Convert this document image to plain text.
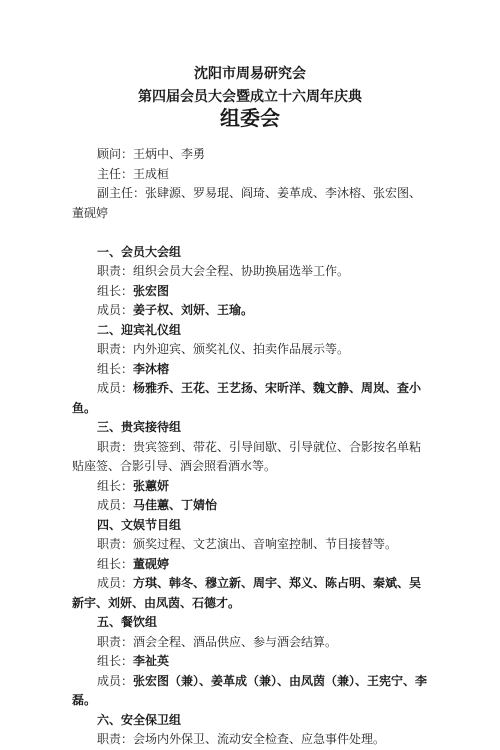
沈阳市周易研究会
第四届会员大会暨成立十六周年庆典
组委会

顾问：王炳中、李勇

主任：王成桓

副主任：张肆源、罗易琨、阎琦、姜革成、李沐榕、张宏图、董砚婷

一、会员大会组

职责：组织会员大会全程、协助换届选举工作。

组长：张宏图

成员：姜子权、刘妍、王瑜。

二、迎宾礼仪组

职责：内外迎宾、颁奖礼仪、拍卖作品展示等。

组长：李沐榕

成员：杨雅乔、王花、王艺扬、宋昕洋、魏文静、周岚、查小鱼。

三、贵宾接待组

职责：贵宾签到、带花、引导间歇、引导就位、合影按名单粘贴座签、合影引导、酒会照看酒水等。

组长：张蕙妍

成员：马佳蕙、丁婧怡

四、文娱节目组

职责：颁奖过程、文艺演出、音响室控制、节目接替等。

组长：董砚婷

成员：方琪、韩冬、穆立新、周宇、郑义、陈占明、秦斌、吴新宇、刘妍、由凤茵、石德才。

五、餐饮组

职责：酒会全程、酒品供应、参与酒会结算。

组长：李祉英

成员：张宏图（兼）、姜革成（兼）、由凤茵（兼）、王宪宁、李磊。

六、安全保卫组

职责：会场内外保卫、流动安全检查、应急事件处理。
